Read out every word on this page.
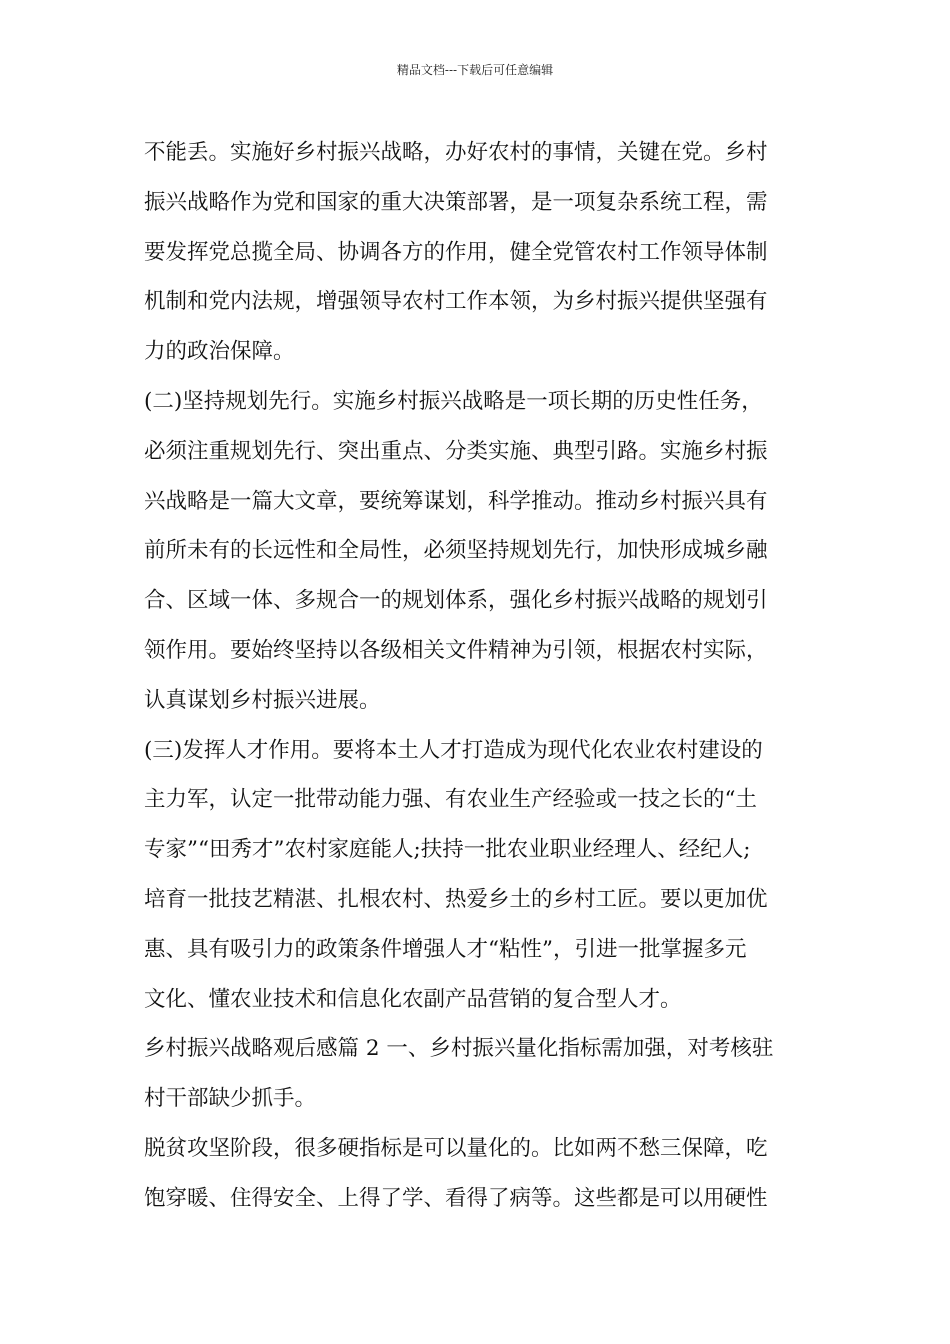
精品文档---下载后可任意编辑
不能丢。实施好乡村振兴战略，办好农村的事情，关键在党。乡村
振兴战略作为党和国家的重大决策部署，是一项复杂系统工程，需
要发挥党总揽全局、协调各方的作用，健全党管农村工作领导体制
机制和党内法规，增强领导农村工作本领，为乡村振兴提供坚强有
力的政治保障。
(二)坚持规划先行。实施乡村振兴战略是一项长期的历史性任务，
必须注重规划先行、突出重点、分类实施、典型引路。实施乡村振
兴战略是一篇大文章，要统筹谋划，科学推动。推动乡村振兴具有
前所未有的长远性和全局性，必须坚持规划先行，加快形成城乡融
合、区域一体、多规合一的规划体系，强化乡村振兴战略的规划引
领作用。要始终坚持以各级相关文件精神为引领，根据农村实际，
认真谋划乡村振兴进展。
(三)发挥人才作用。要将本土人才打造成为现代化农业农村建设的
主力军，认定一批带动能力强、有农业生产经验或一技之长的“土
专家”“田秀才”农村家庭能人;扶持一批农业职业经理人、经纪人;
培育一批技艺精湛、扎根农村、热爱乡土的乡村工匠。要以更加优
惠、具有吸引力的政策条件增强人才“粘性”，引进一批掌握多元
文化、懂农业技术和信息化农副产品营销的复合型人才。
乡村振兴战略观后感篇 2 一、乡村振兴量化指标需加强，对考核驻
村干部缺少抓手。
脱贫攻坚阶段，很多硬指标是可以量化的。比如两不愁三保障，吃
饱穿暖、住得安全、上得了学、看得了病等。这些都是可以用硬性
